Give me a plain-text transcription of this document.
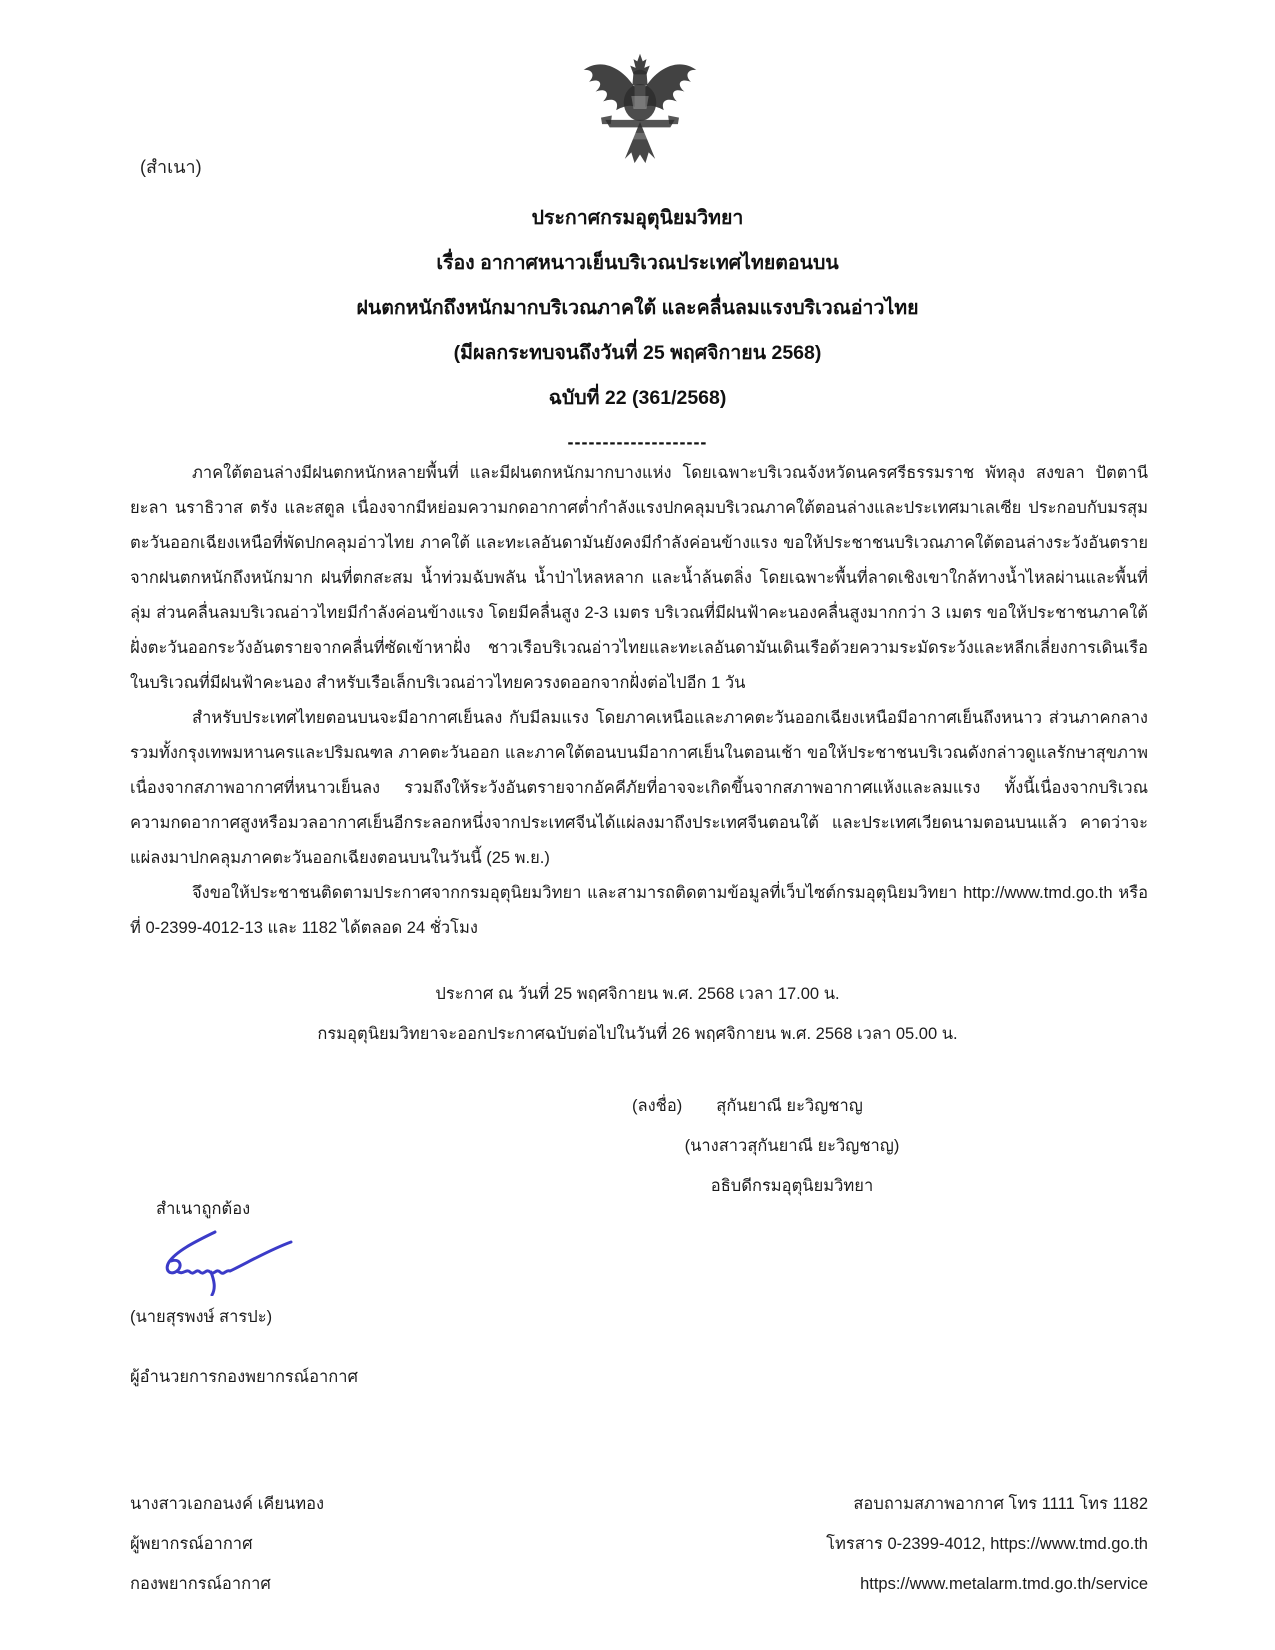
(สำเนา)
ประกาศกรมอุตุนิยมวิทยา
เรื่อง อากาศหนาวเย็นบริเวณประเทศไทยตอนบน
ฝนตกหนักถึงหนักมากบริเวณภาคใต้ และคลื่นลมแรงบริเวณอ่าวไทย
(มีผลกระทบจนถึงวันที่ 25 พฤศจิกายน 2568)
ฉบับที่ 22 (361/2568)
--------------------

ภาคใต้ตอนล่างมีฝนตกหนักหลายพื้นที่ และมีฝนตกหนักมากบางแห่ง โดยเฉพาะบริเวณจังหวัดนครศรีธรรมราช พัทลุง สงขลา ปัตตานี ยะลา นราธิวาส ตรัง และสตูล เนื่องจากมีหย่อมความกดอากาศต่ำกำลังแรงปกคลุมบริเวณภาคใต้ตอนล่างและประเทศมาเลเซีย ประกอบกับมรสุมตะวันออกเฉียงเหนือที่พัดปกคลุมอ่าวไทย ภาคใต้ และทะเลอันดามันยังคงมีกำลังค่อนข้างแรง ขอให้ประชาชนบริเวณภาคใต้ตอนล่างระวังอันตรายจากฝนตกหนักถึงหนักมาก ฝนที่ตกสะสม น้ำท่วมฉับพลัน น้ำป่าไหลหลาก และน้ำล้นตลิ่ง โดยเฉพาะพื้นที่ลาดเชิงเขาใกล้ทางน้ำไหลผ่านและพื้นที่ลุ่ม ส่วนคลื่นลมบริเวณอ่าวไทยมีกำลังค่อนข้างแรง โดยมีคลื่นสูง 2-3 เมตร บริเวณที่มีฝนฟ้าคะนองคลื่นสูงมากกว่า 3 เมตร ขอให้ประชาชนภาคใต้ฝั่งตะวันออกระวังอันตรายจากคลื่นที่ซัดเข้าหาฝั่ง ชาวเรือบริเวณอ่าวไทยและทะเลอันดามันเดินเรือด้วยความระมัดระวังและหลีกเลี่ยงการเดินเรือในบริเวณที่มีฝนฟ้าคะนอง สำหรับเรือเล็กบริเวณอ่าวไทยควรงดออกจากฝั่งต่อไปอีก 1 วัน

สำหรับประเทศไทยตอนบนจะมีอากาศเย็นลง กับมีลมแรง โดยภาคเหนือและภาคตะวันออกเฉียงเหนือมีอากาศเย็นถึงหนาว ส่วนภาคกลาง รวมทั้งกรุงเทพมหานครและปริมณฑล ภาคตะวันออก และภาคใต้ตอนบนมีอากาศเย็นในตอนเช้า ขอให้ประชาชนบริเวณดังกล่าวดูแลรักษาสุขภาพเนื่องจากสภาพอากาศที่หนาวเย็นลง รวมถึงให้ระวังอันตรายจากอัคคีภัยที่อาจจะเกิดขึ้นจากสภาพอากาศแห้งและลมแรง ทั้งนี้เนื่องจากบริเวณความกดอากาศสูงหรือมวลอากาศเย็นอีกระลอกหนึ่งจากประเทศจีนได้แผ่ลงมาถึงประเทศจีนตอนใต้ และประเทศเวียดนามตอนบนแล้ว คาดว่าจะแผ่ลงมาปกคลุมภาคตะวันออกเฉียงตอนบนในวันนี้ (25 พ.ย.)

จึงขอให้ประชาชนติดตามประกาศจากกรมอุตุนิยมวิทยา และสามารถติดตามข้อมูลที่เว็บไซต์กรมอุตุนิยมวิทยา http://www.tmd.go.th หรือที่ 0-2399-4012-13 และ 1182 ได้ตลอด 24 ชั่วโมง

ประกาศ ณ วันที่ 25 พฤศจิกายน พ.ศ. 2568 เวลา 17.00 น.
กรมอุตุนิยมวิทยาจะออกประกาศฉบับต่อไปในวันที่ 26 พฤศจิกายน พ.ศ. 2568 เวลา 05.00 น.
(ลงชื่อ) สุกันยาณี ยะวิญชาญ
(นางสาวสุกันยาณี ยะวิญชาญ)
อธิบดีกรมอุตุนิยมวิทยา
สำเนาถูกต้อง
(นายสุรพงษ์ สารปะ)
ผู้อำนวยการกองพยากรณ์อากาศ
นางสาวเอกอนงค์ เคียนทอง
ผู้พยากรณ์อากาศ
กองพยากรณ์อากาศ
สอบถามสภาพอากาศ โทร 1111 โทร 1182
โทรสาร 0-2399-4012, https://www.tmd.go.th
https://www.metalarm.tmd.go.th/service
